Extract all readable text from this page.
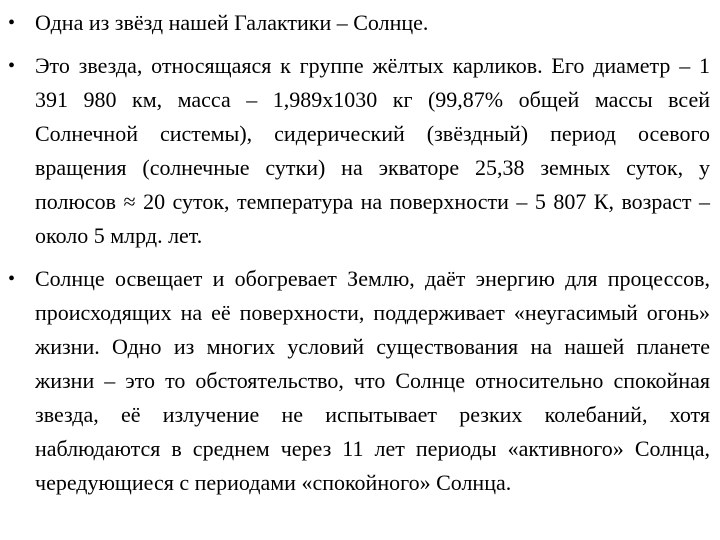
• Одна из звёзд нашей Галактики – Солнце.
• Это звезда, относящаяся к группе жёлтых карликов. Его диаметр – 1 391 980 км, масса – 1,989x1030 кг (99,87% общей массы всей Солнечной системы), сидерический (звёздный) период осевого вращения (солнечные сутки) на экваторе 25,38 земных суток, у полюсов ≈ 20 суток, температура на поверхности – 5 807 К, возраст – около 5 млрд. лет.
• Солнце освещает и обогревает Землю, даёт энергию для процессов, происходящих на её поверхности, поддерживает «неугасимый огонь» жизни. Одно из многих условий существования на нашей планете жизни – это то обстоятельство, что Солнце относительно спокойная звезда, её излучение не испытывает резких колебаний, хотя наблюдаются в среднем через 11 лет периоды «активного» Солнца, чередующиеся с периодами «спокойного» Солнца.
